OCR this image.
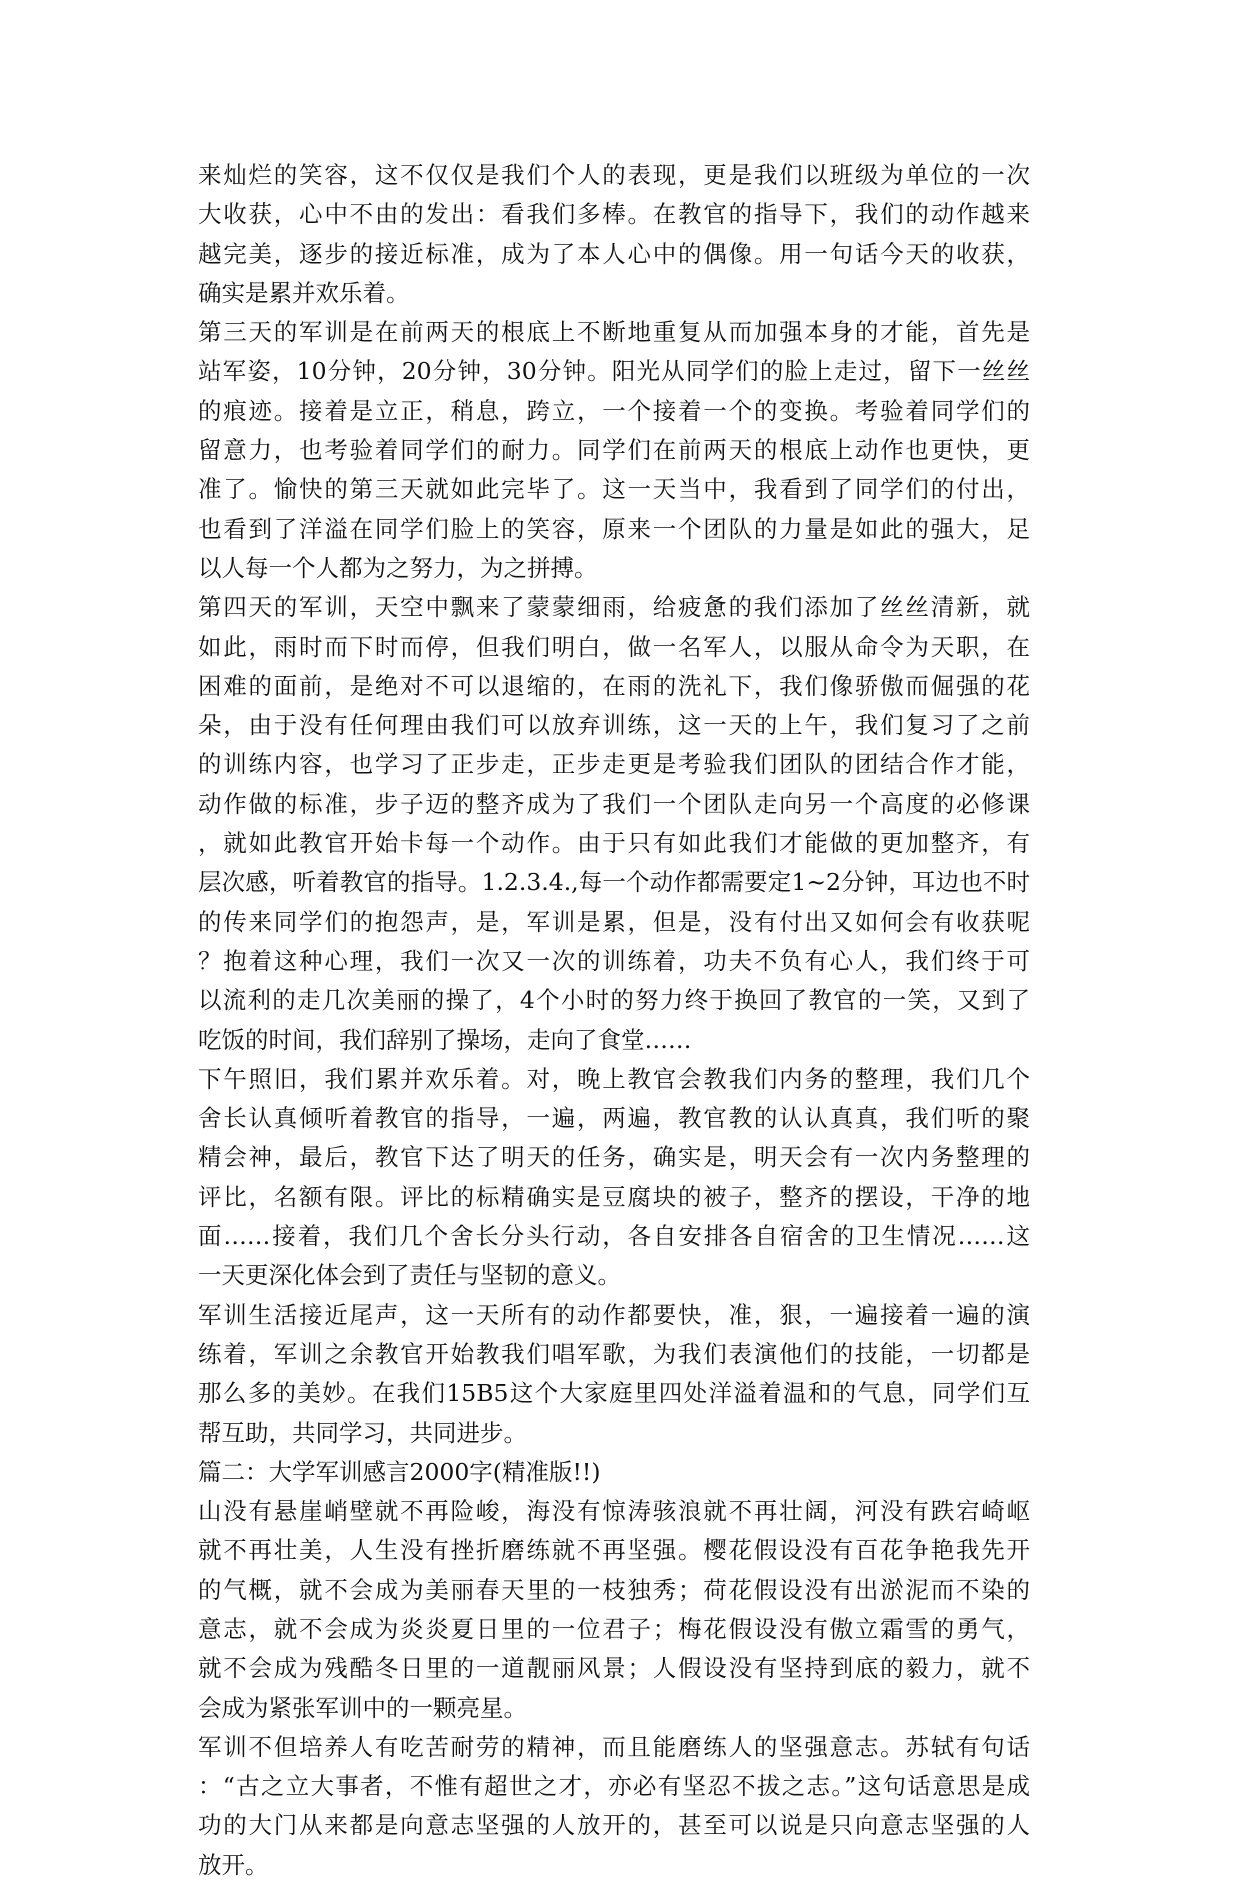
来灿烂的笑容，这不仅仅是我们个人的表现，更是我们以班级为单位的一次
大收获，心中不由的发出：看我们多棒。在教官的指导下，我们的动作越来
越完美，逐步的接近标准，成为了本人心中的偶像。用一句话今天的收获，
确实是累并欢乐着。
第三天的军训是在前两天的根底上不断地重复从而加强本身的才能，首先是
站军姿，10分钟，20分钟，30分钟。阳光从同学们的脸上走过，留下一丝丝
的痕迹。接着是立正，稍息，跨立，一个接着一个的变换。考验着同学们的
留意力，也考验着同学们的耐力。同学们在前两天的根底上动作也更快，更
准了。愉快的第三天就如此完毕了。这一天当中，我看到了同学们的付出，
也看到了洋溢在同学们脸上的笑容，原来一个团队的力量是如此的强大，足
以人每一个人都为之努力，为之拼搏。
第四天的军训，天空中飘来了蒙蒙细雨，给疲惫的我们添加了丝丝清新，就
如此，雨时而下时而停，但我们明白，做一名军人，以服从命令为天职，在
困难的面前，是绝对不可以退缩的，在雨的洗礼下，我们像骄傲而倔强的花
朵，由于没有任何理由我们可以放弃训练，这一天的上午，我们复习了之前
的训练内容，也学习了正步走，正步走更是考验我们团队的团结合作才能，
动作做的标准，步子迈的整齐成为了我们一个团队走向另一个高度的必修课
，就如此教官开始卡每一个动作。由于只有如此我们才能做的更加整齐，有
层次感，听着教官的指导。1.2.3.4.,每一个动作都需要定1~2分钟，耳边也不时
的传来同学们的抱怨声，是，军训是累，但是，没有付出又如何会有收获呢
？抱着这种心理，我们一次又一次的训练着，功夫不负有心人，我们终于可
以流利的走几次美丽的操了，4个小时的努力终于换回了教官的一笑，又到了
吃饭的时间，我们辞别了操场，走向了食堂……
下午照旧，我们累并欢乐着。对，晚上教官会教我们内务的整理，我们几个
舍长认真倾听着教官的指导，一遍，两遍，教官教的认认真真，我们听的聚
精会神，最后，教官下达了明天的任务，确实是，明天会有一次内务整理的
评比，名额有限。评比的标精确实是豆腐块的被子，整齐的摆设，干净的地
面……接着，我们几个舍长分头行动，各自安排各自宿舍的卫生情况……这
一天更深化体会到了责任与坚韧的意义。
军训生活接近尾声，这一天所有的动作都要快，准，狠，一遍接着一遍的演
练着，军训之余教官开始教我们唱军歌，为我们表演他们的技能，一切都是
那么多的美妙。在我们15B5这个大家庭里四处洋溢着温和的气息，同学们互
帮互助，共同学习，共同进步。
篇二：大学军训感言2000字(精准版!!)
山没有悬崖峭壁就不再险峻，海没有惊涛骇浪就不再壮阔，河没有跌宕崎岖
就不再壮美，人生没有挫折磨练就不再坚强。樱花假设没有百花争艳我先开
的气概，就不会成为美丽春天里的一枝独秀；荷花假设没有出淤泥而不染的
意志，就不会成为炎炎夏日里的一位君子；梅花假设没有傲立霜雪的勇气，
就不会成为残酷冬日里的一道靓丽风景；人假设没有坚持到底的毅力，就不
会成为紧张军训中的一颗亮星。
军训不但培养人有吃苦耐劳的精神，而且能磨练人的坚强意志。苏轼有句话
：“古之立大事者，不惟有超世之才，亦必有坚忍不拔之志。”这句话意思是成
功的大门从来都是向意志坚强的人放开的，甚至可以说是只向意志坚强的人
放开。
